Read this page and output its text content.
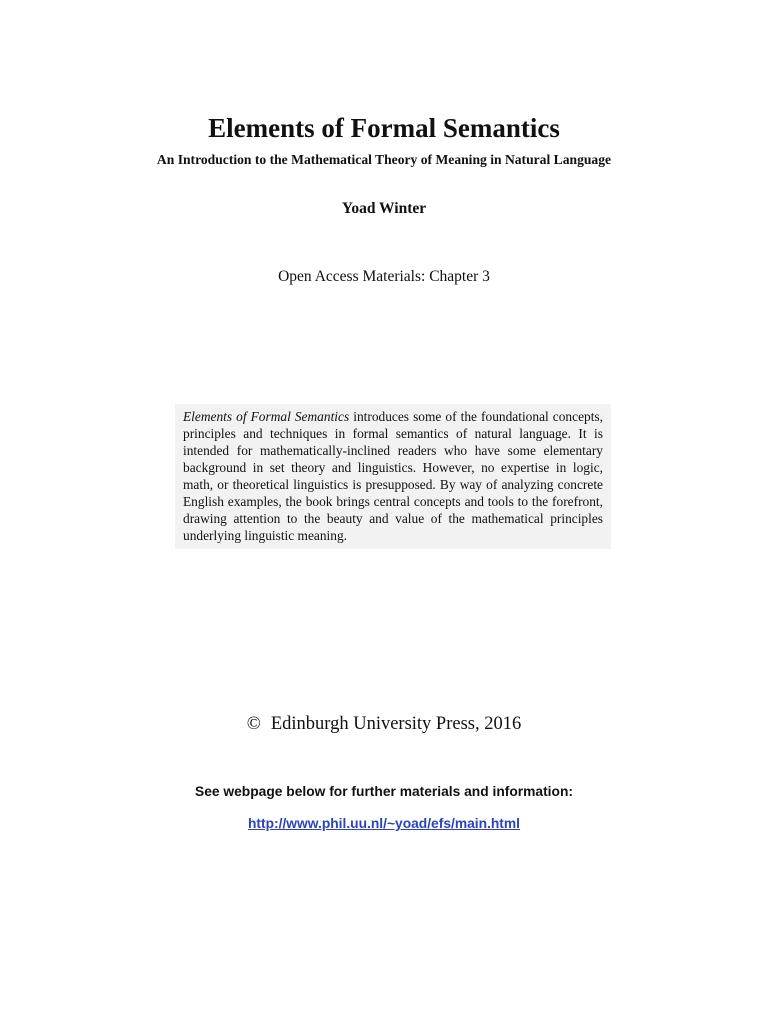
Elements of Formal Semantics
An Introduction to the Mathematical Theory of Meaning in Natural Language
Yoad Winter
Open Access Materials: Chapter 3
Elements of Formal Semantics introduces some of the foundational concepts, principles and techniques in formal semantics of natural language. It is intended for mathematically-inclined readers who have some elementary background in set theory and linguistics. However, no expertise in logic, math, or theoretical linguistics is presupposed. By way of analyzing concrete English examples, the book brings central concepts and tools to the forefront, drawing attention to the beauty and value of the mathematical principles underlying linguistic meaning.
© Edinburgh University Press, 2016
See webpage below for further materials and information:
http://www.phil.uu.nl/~yoad/efs/main.html
